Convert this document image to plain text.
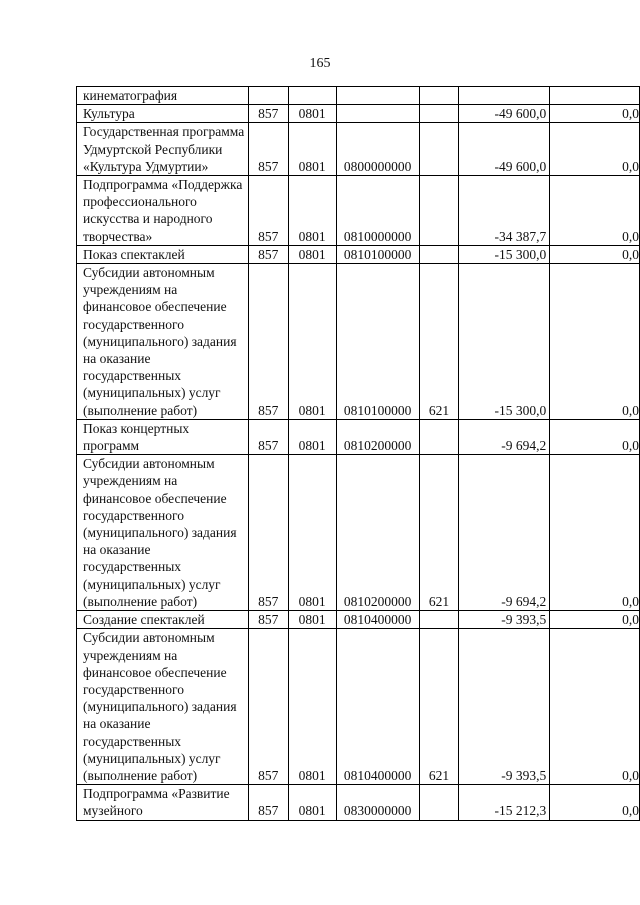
165
кинематография						
Культура	857	0801			-49 600,0	0,0
Государственная программа Удмуртской Республики «Культура Удмуртии»	857	0801	0800000000		-49 600,0	0,0
Подпрограмма «Поддержка профессионального искусства и народного творчества»	857	0801	0810000000		-34 387,7	0,0
Показ спектаклей	857	0801	0810100000		-15 300,0	0,0
Субсидии автономным учреждениям на финансовое обеспечение государственного (муниципального) задания на оказание государственных (муниципальных) услуг (выполнение работ)	857	0801	0810100000	621	-15 300,0	0,0
Показ концертных программ	857	0801	0810200000		-9 694,2	0,0
Субсидии автономным учреждениям на финансовое обеспечение государственного (муниципального) задания на оказание государственных (муниципальных) услуг (выполнение работ)	857	0801	0810200000	621	-9 694,2	0,0
Создание спектаклей	857	0801	0810400000		-9 393,5	0,0
Субсидии автономным учреждениям на финансовое обеспечение государственного (муниципального) задания на оказание государственных (муниципальных) услуг (выполнение работ)	857	0801	0810400000	621	-9 393,5	0,0
Подпрограмма «Развитие музейного	857	0801	0830000000		-15 212,3	0,0
